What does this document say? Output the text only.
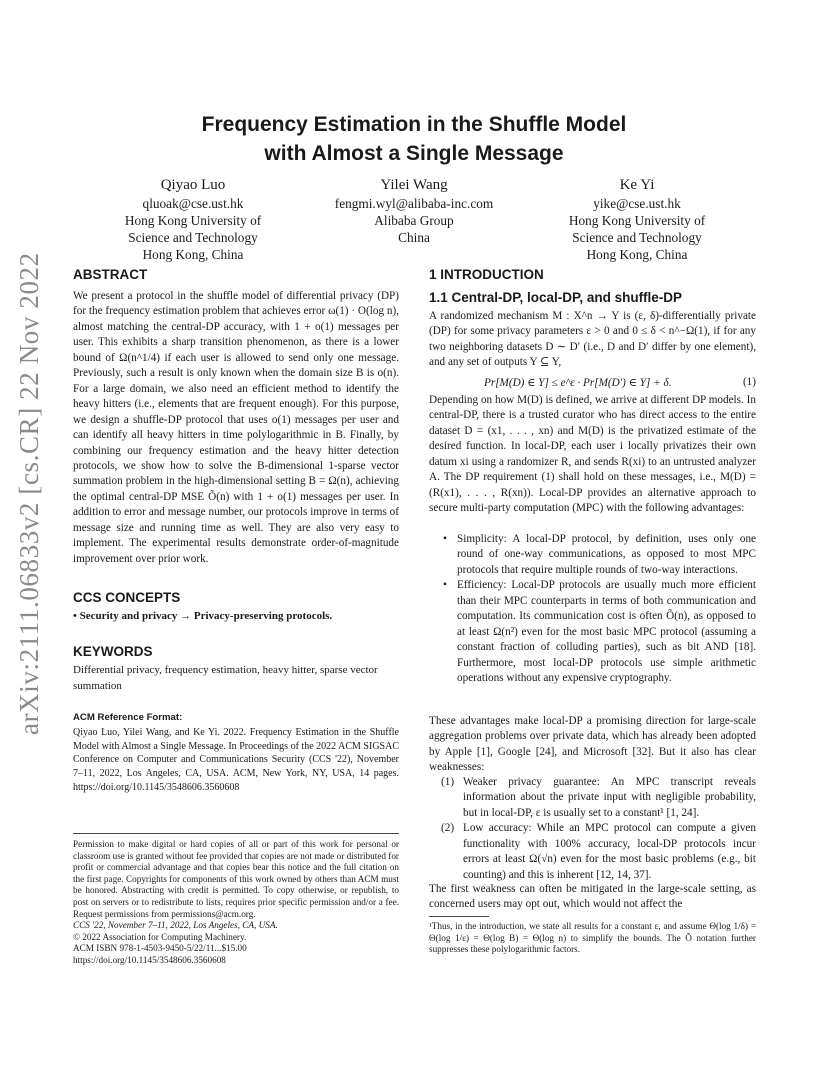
arXiv:2111.06833v2 [cs.CR] 22 Nov 2022
Frequency Estimation in the Shuffle Model
with Almost a Single Message
Qiyao Luo
qluoak@cse.ust.hk
Hong Kong University of
Science and Technology
Hong Kong, China
Yilei Wang
fengmi.wyl@alibaba-inc.com
Alibaba Group
China
Ke Yi
yike@cse.ust.hk
Hong Kong University of
Science and Technology
Hong Kong, China
ABSTRACT

We present a protocol in the shuffle model of differential privacy (DP) for the frequency estimation problem that achieves error ω(1) · O(log n), almost matching the central-DP accuracy, with 1 + o(1) messages per user. This exhibits a sharp transition phenomenon, as there is a lower bound of Ω(n^1/4) if each user is allowed to send only one message. Previously, such a result is only known when the domain size B is o(n). For a large domain, we also need an efficient method to identify the heavy hitters (i.e., elements that are frequent enough). For this purpose, we design a shuffle-DP protocol that uses o(1) messages per user and can identify all heavy hitters in time polylogarithmic in B. Finally, by combining our frequency estimation and the heavy hitter detection protocols, we show how to solve the B-dimensional 1-sparse vector summation problem in the high-dimensional setting B = Ω(n), achieving the optimal central-DP MSE Õ(n) with 1 + o(1) messages per user. In addition to error and message number, our protocols improve in terms of message size and running time as well. They are also very easy to implement. The experimental results demonstrate order-of-magnitude improvement over prior work.

CCS CONCEPTS
• Security and privacy → Privacy-preserving protocols.
KEYWORDS
Differential privacy, frequency estimation, heavy hitter, sparse vector summation
ACM Reference Format:
Qiyao Luo, Yilei Wang, and Ke Yi. 2022. Frequency Estimation in the Shuffle Model with Almost a Single Message. In Proceedings of the 2022 ACM SIGSAC Conference on Computer and Communications Security (CCS '22), November 7–11, 2022, Los Angeles, CA, USA. ACM, New York, NY, USA, 14 pages. https://doi.org/10.1145/3548606.3560608
Permission to make digital or hard copies of all or part of this work for personal or classroom use is granted without fee provided that copies are not made or distributed for profit or commercial advantage and that copies bear this notice and the full citation on the first page. Copyrights for components of this work owned by others than ACM must be honored. Abstracting with credit is permitted. To copy otherwise, or republish, to post on servers or to redistribute to lists, requires prior specific permission and/or a fee. Request permissions from permissions@acm.org.
CCS '22, November 7–11, 2022, Los Angeles, CA, USA.
© 2022 Association for Computing Machinery.
ACM ISBN 978-1-4503-9450-5/22/11...$15.00
https://doi.org/10.1145/3548606.3560608
1 INTRODUCTION
1.1 Central-DP, local-DP, and shuffle-DP

A randomized mechanism M : X^n → Y is (ε, δ)-differentially private (DP) for some privacy parameters ε > 0 and 0 ≤ δ < n^−Ω(1), if for any two neighboring datasets D ∼ D′ (i.e., D and D′ differ by one element), and any set of outputs Y ⊆ Y,

Pr[M(D) ∈ Y] ≤ e^ε · Pr[M(D′) ∈ Y] + δ.	(1)

Depending on how M(D) is defined, we arrive at different DP models. In central-DP, there is a trusted curator who has direct access to the entire dataset D = (x1, . . . , xn) and M(D) is the privatized estimate of the desired function. In local-DP, each user i locally privatizes their own datum xi using a randomizer R, and sends R(xi) to an untrusted analyzer A. The DP requirement (1) shall hold on these messages, i.e., M(D) = (R(x1), . . . , R(xn)). Local-DP provides an alternative approach to secure multi-party computation (MPC) with the following advantages:

• Simplicity: A local-DP protocol, by definition, uses only one round of one-way communications, as opposed to most MPC protocols that require multiple rounds of two-way interactions.
• Efficiency: Local-DP protocols are usually much more efficient than their MPC counterparts in terms of both communication and computation. Its communication cost is often Õ(n), as opposed to at least Ω(n²) even for the most basic MPC protocol (assuming a constant fraction of colluding parties), such as bit AND [18]. Furthermore, most local-DP protocols use simple arithmetic operations without any expensive cryptography.

These advantages make local-DP a promising direction for large-scale aggregation problems over private data, which has already been adopted by Apple [1], Google [24], and Microsoft [32]. But it also has clear weaknesses:

(1) Weaker privacy guarantee: An MPC transcript reveals information about the private input with negligible probability, but in local-DP, ε is usually set to a constant¹ [1, 24].
(2) Low accuracy: While an MPC protocol can compute a given functionality with 100% accuracy, local-DP protocols incur errors at least Ω(√n) even for the most basic problems (e.g., bit counting) and this is inherent [12, 14, 37].

The first weakness can often be mitigated in the large-scale setting, as concerned users may opt out, which would not affect the

¹Thus, in the introduction, we state all results for a constant ε, and assume Θ(log 1/δ) = Θ(log 1/ε) = Θ(log B) = Θ(log n) to simplify the bounds. The Õ notation further suppresses these polylogarithmic factors.
